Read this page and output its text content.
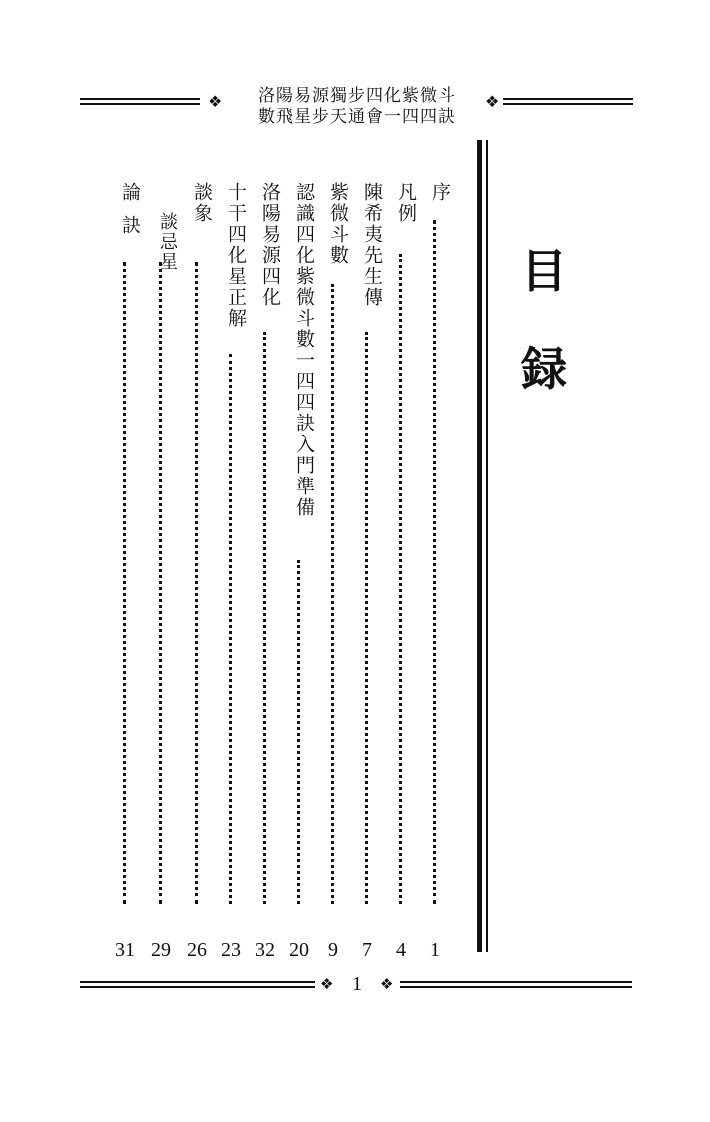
❖	洛陽易源獨步四化紫微斗
數飛星步天通會一四四訣
❖
目
録
序
1
凡例
4
陳希夷先生傳
7
紫微斗數
9
認識四化紫微斗數一四四訣入門準備
20
洛陽易源四化
32
十干四化星正解
23
談象
26
談忌星
29
論訣
31
❖ 1	❖
